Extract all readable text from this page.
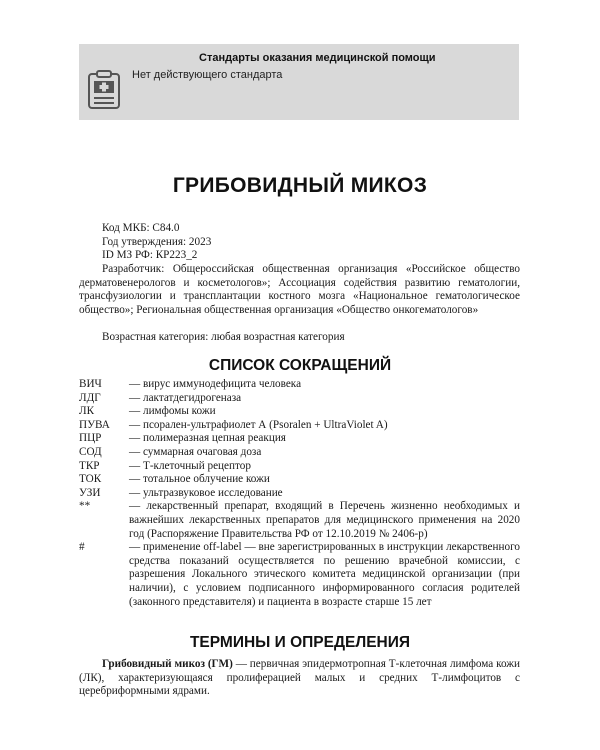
Стандарты оказания медицинской помощи
Нет действующего стандарта
ГРИБОВИДНЫЙ МИКОЗ
Код МКБ: C84.0
Год утверждения: 2023
ID МЗ РФ: КР223_2
Разработчик: Общероссийская общественная организация «Российское общество дерматовенерологов и косметологов»; Ассоциация содействия развитию гематологии, трансфузиологии и трансплантации костного мозга «Национальное гематологическое общество»; Региональная общественная организация «Общество онкогематологов»
Возрастная категория: любая возрастная категория
СПИСОК СОКРАЩЕНИЙ
ВИЧ	— вирус иммунодефицита человека
ЛДГ	— лактатдегидрогеназа
ЛК	— лимфомы кожи
ПУВА	— псорален-ультрафиолет А (Psoralen + UltraViolet A)
ПЦР	— полимеразная цепная реакция
СОД	— суммарная очаговая доза
ТКР	— Т-клеточный рецептор
ТОК	— тотальное облучение кожи
УЗИ	— ультразвуковое исследование
**	— лекарственный препарат, входящий в Перечень жизненно необходимых и важнейших лекарственных препаратов для медицинского применения на 2020 год (Распоряжение Правительства РФ от 12.10.2019 № 2406-р)
#	— применение off-label — вне зарегистрированных в инструкции лекарственного средства показаний осуществляется по решению врачебной комиссии, с разрешения Локального этического комитета медицинской организации (при наличии), с условием подписанного информированного согласия родителей (законного представителя) и пациента в возрасте старше 15 лет
ТЕРМИНЫ И ОПРЕДЕЛЕНИЯ
Грибовидный микоз (ГМ) — первичная эпидермотропная Т-клеточная лимфома кожи (ЛК), характеризующаяся пролиферацией малых и средних Т-лимфоцитов с церебриформными ядрами.
